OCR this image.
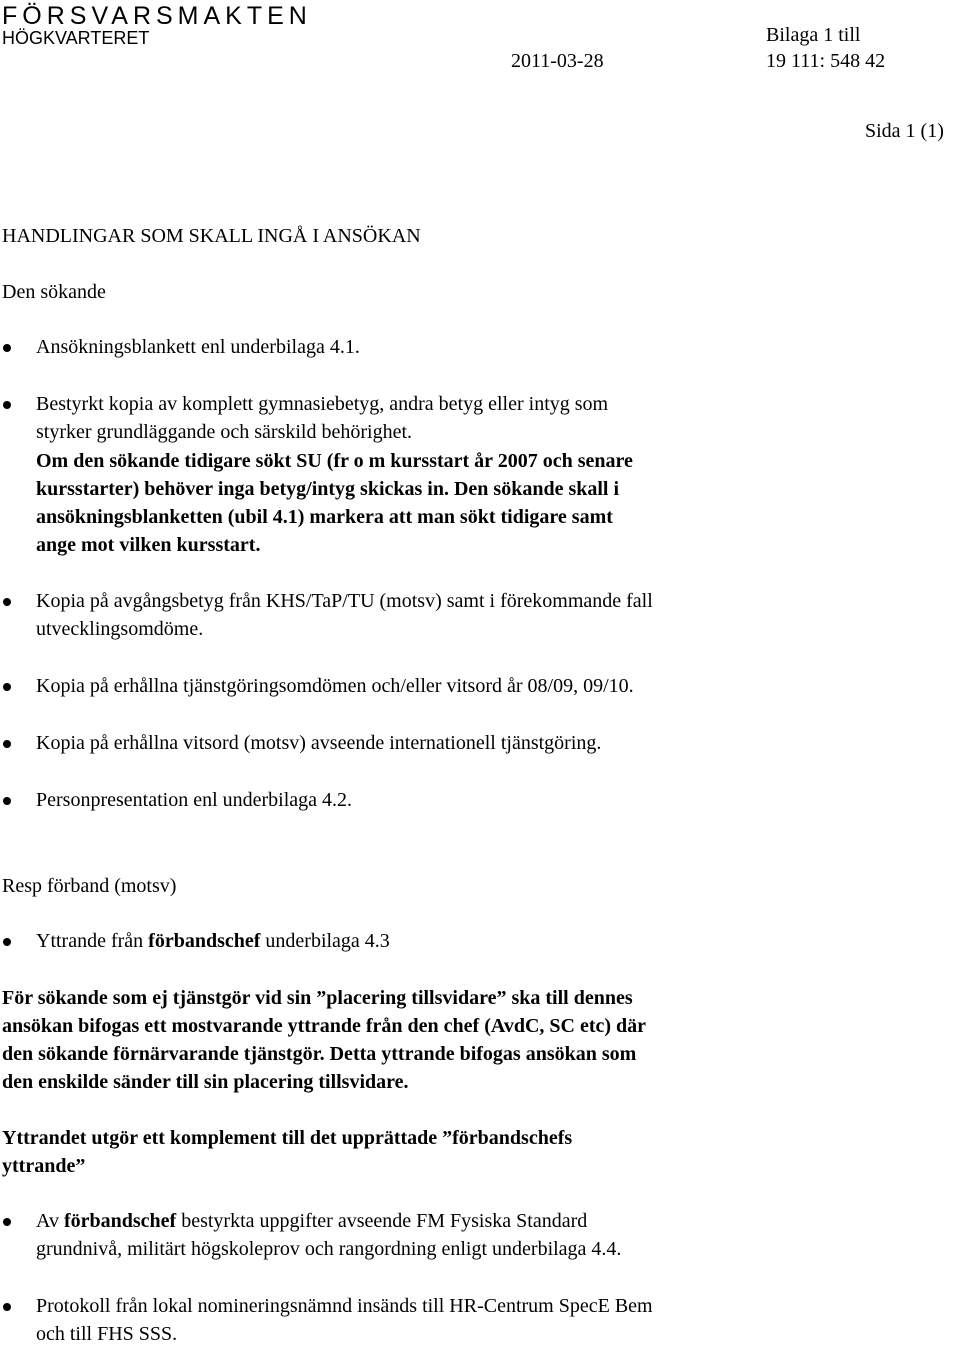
FÖRSVARSMAKTEN
HÖGKVARTERET
2011-03-28
Bilaga 1 till
19 111: 548 42
Sida 1 (1)
HANDLINGAR SOM SKALL INGÅ I ANSÖKAN
Den sökande

Ansökningsblankett enl underbilaga 4.1.

Bestyrkt kopia av komplett gymnasiebetyg, andra betyg eller intyg som

styrker grundläggande och särskild behörighet.

Om den sökande tidigare sökt SU (fr o m kursstart år 2007 och senare

kursstarter) behöver inga betyg/intyg skickas in. Den sökande skall i

ansökningsblanketten (ubil 4.1) markera att man sökt tidigare samt

ange mot vilken kursstart.

Kopia på avgångsbetyg från KHS/TaP/TU (motsv) samt i förekommande fall

utvecklingsomdöme.

Kopia på erhållna tjänstgöringsomdömen och/eller vitsord år 08/09, 09/10.

Kopia på erhållna vitsord (motsv) avseende internationell tjänstgöring.

Personpresentation enl underbilaga 4.2.

Resp förband (motsv)

Yttrande från förbandschef underbilaga 4.3

För sökande som ej tjänstgör vid sin ”placering tillsvidare” ska till dennes

ansökan bifogas ett mostvarande yttrande från den chef (AvdC, SC etc) där

den sökande förnärvarande tjänstgör. Detta yttrande bifogas ansökan som

den enskilde sänder till sin placering tillsvidare.

Yttrandet utgör ett komplement till det upprättade ”förbandschefs

yttrande”

Av förbandschef bestyrkta uppgifter avseende FM Fysiska Standard

grundnivå, militärt högskoleprov och rangordning enligt underbilaga 4.4.

Protokoll från lokal nomineringsnämnd insänds till HR-Centrum SpecE Bem

och till FHS SSS.
